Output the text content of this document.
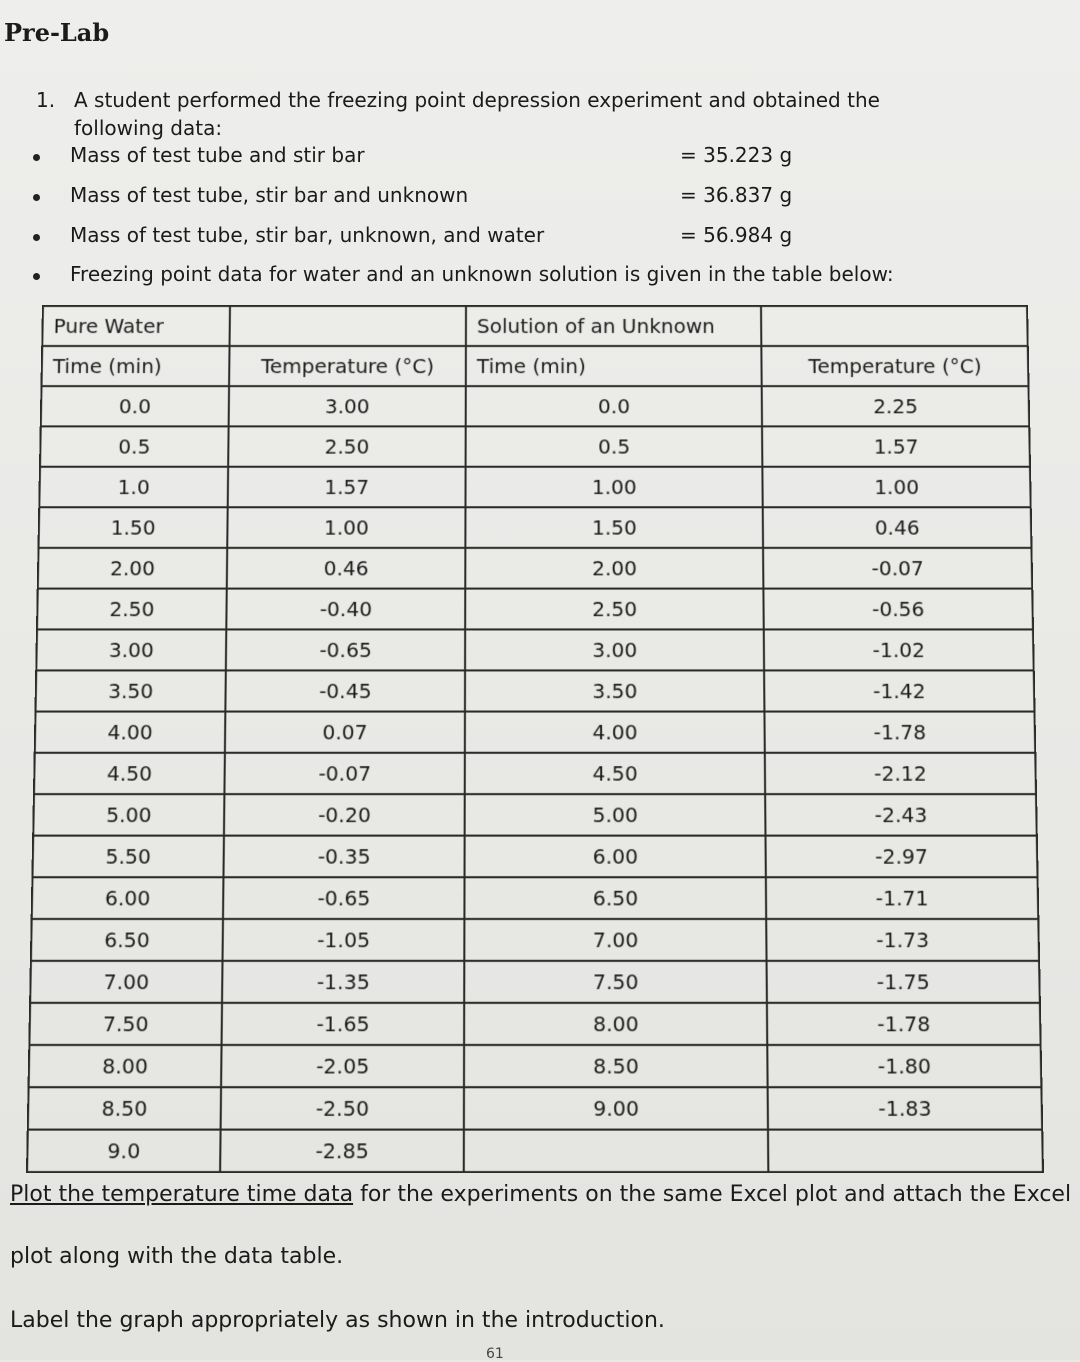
Pre-Lab
1. A student performed the freezing point depression experiment and obtained the following data:
Mass of test tube and stir bar	= 35.223 g
Mass of test tube, stir bar and unknown	= 36.837 g
Mass of test tube, stir bar, unknown, and water	= 56.984 g
Freezing point data for water and an unknown solution is given in the table below:
Pure Water		Solution of an Unknown	
Time (min)	Temperature (°C)	Time (min)	Temperature (°C)
0.0	3.00	0.0	2.25
0.5	2.50	0.5	1.57
1.0	1.57	1.00	1.00
1.50	1.00	1.50	0.46
2.00	0.46	2.00	-0.07
2.50	-0.40	2.50	-0.56
3.00	-0.65	3.00	-1.02
3.50	-0.45	3.50	-1.42
4.00	0.07	4.00	-1.78
4.50	-0.07	4.50	-2.12
5.00	-0.20	5.00	-2.43
5.50	-0.35	6.00	-2.97
6.00	-0.65	6.50	-1.71
6.50	-1.05	7.00	-1.73
7.00	-1.35	7.50	-1.75
7.50	-1.65	8.00	-1.78
8.00	-2.05	8.50	-1.80
8.50	-2.50	9.00	-1.83
9.0	-2.85		
Plot the temperature time data for the experiments on the same Excel plot and attach the Excel
plot along with the data table.
Label the graph appropriately as shown in the introduction.
61
